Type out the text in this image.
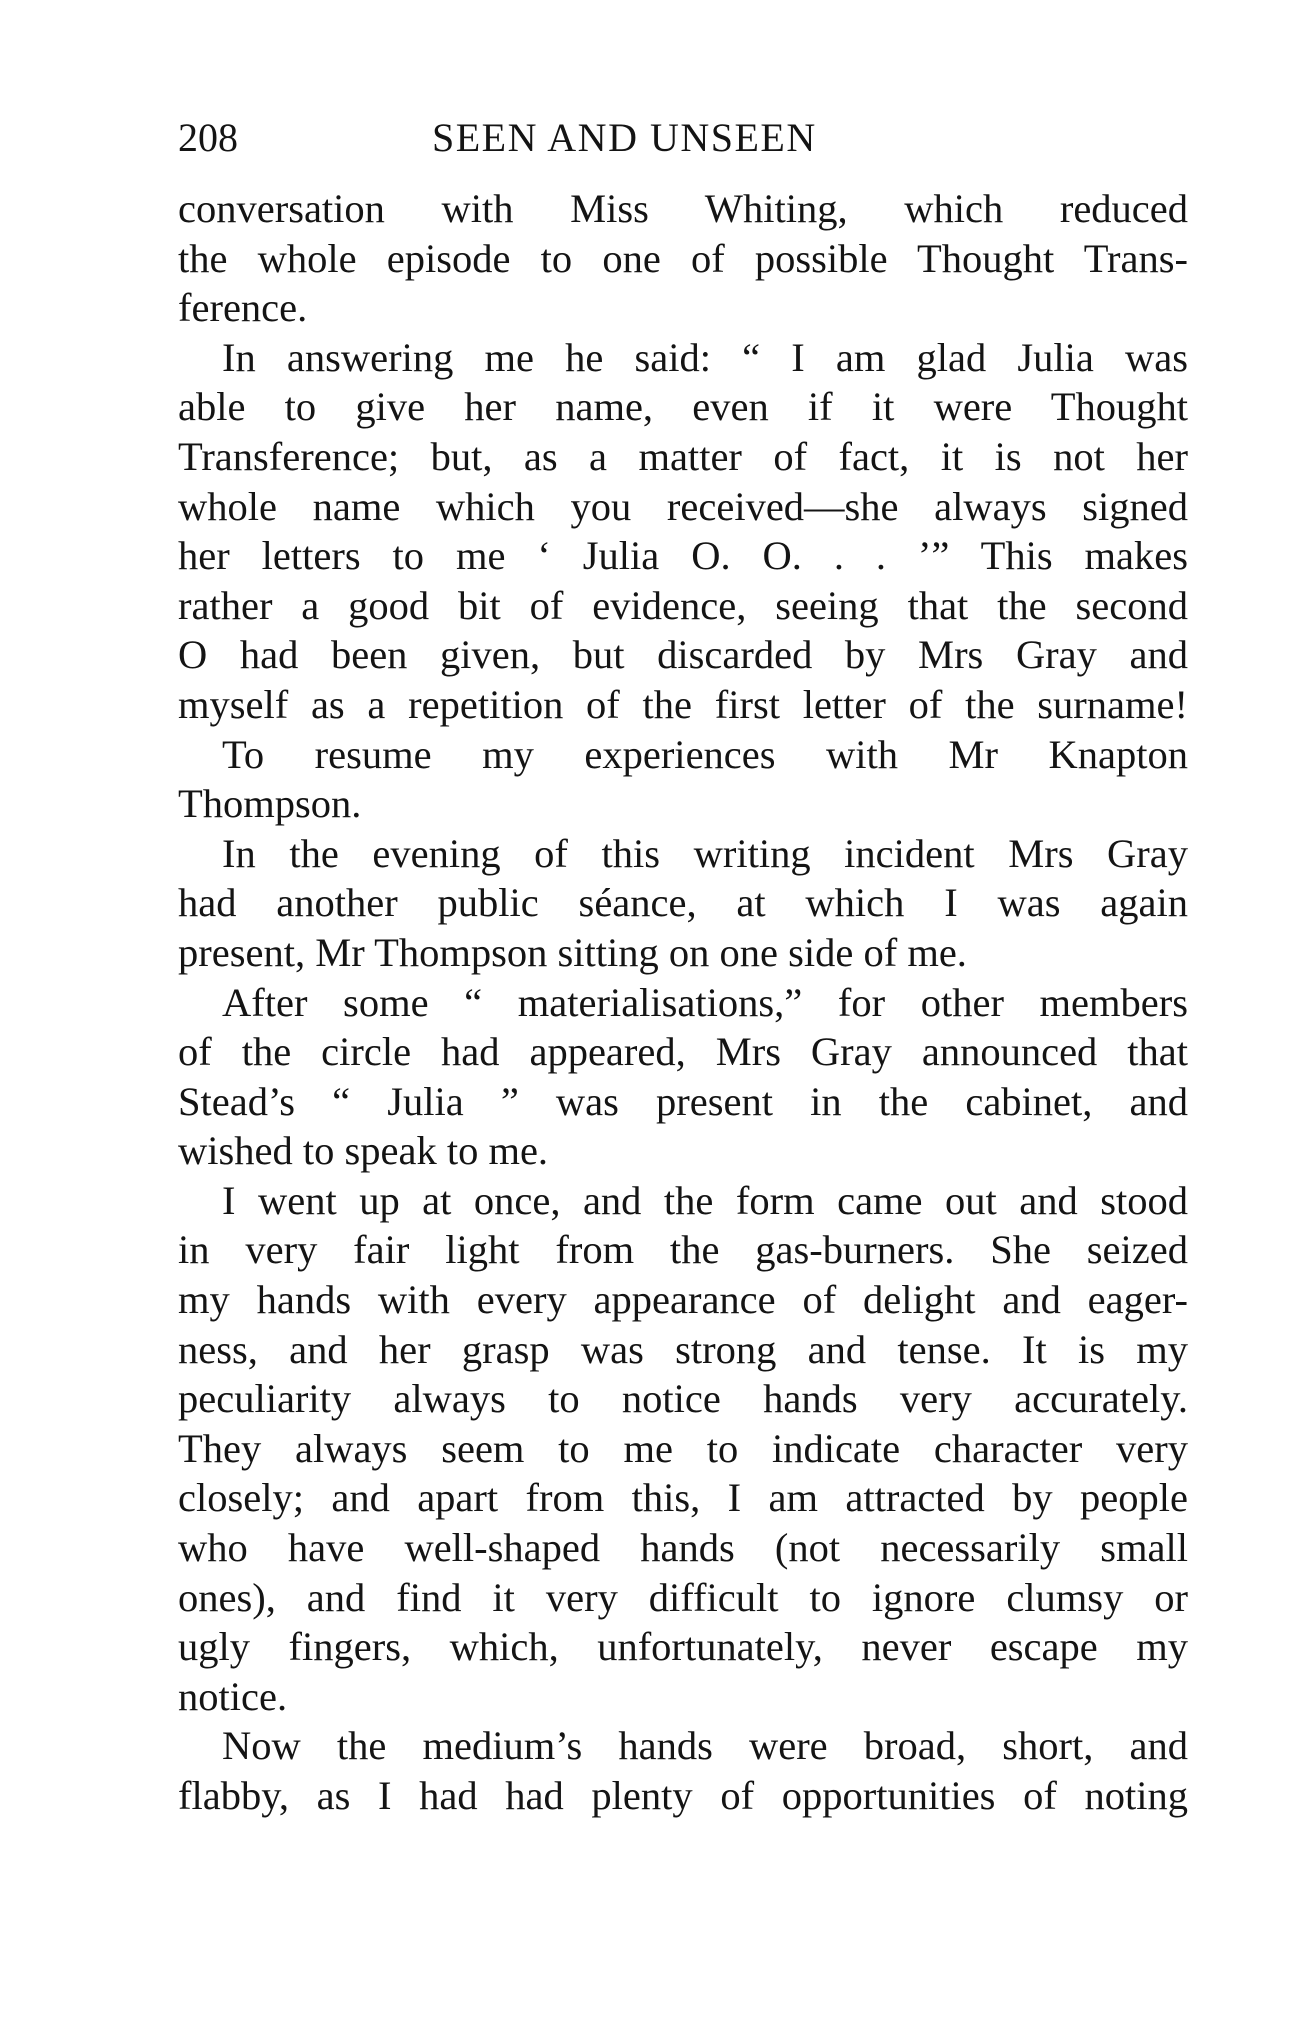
208	SEEN AND UNSEEN
conversation with Miss Whiting, which reduced
the whole episode to one of possible Thought Trans-
ference.
In answering me he said: “ I am glad Julia was
able to give her name, even if it were Thought
Transference; but, as a matter of fact, it is not her
whole name which you received—she always signed
her letters to me ‘ Julia O. O. . . ’” This makes
rather a good bit of evidence, seeing that the second
O had been given, but discarded by Mrs Gray and
myself as a repetition of the first letter of the surname!
To resume my experiences with Mr Knapton
Thompson.
In the evening of this writing incident Mrs Gray
had another public séance, at which I was again
present, Mr Thompson sitting on one side of me.
After some “ materialisations,” for other members
of the circle had appeared, Mrs Gray announced that
Stead’s “ Julia ” was present in the cabinet, and
wished to speak to me.
I went up at once, and the form came out and stood
in very fair light from the gas-burners. She seized
my hands with every appearance of delight and eager-
ness, and her grasp was strong and tense. It is my
peculiarity always to notice hands very accurately.
They always seem to me to indicate character very
closely; and apart from this, I am attracted by people
who have well-shaped hands (not necessarily small
ones), and find it very difficult to ignore clumsy or
ugly fingers, which, unfortunately, never escape my
notice.
Now the medium’s hands were broad, short, and
flabby, as I had had plenty of opportunities of noting
